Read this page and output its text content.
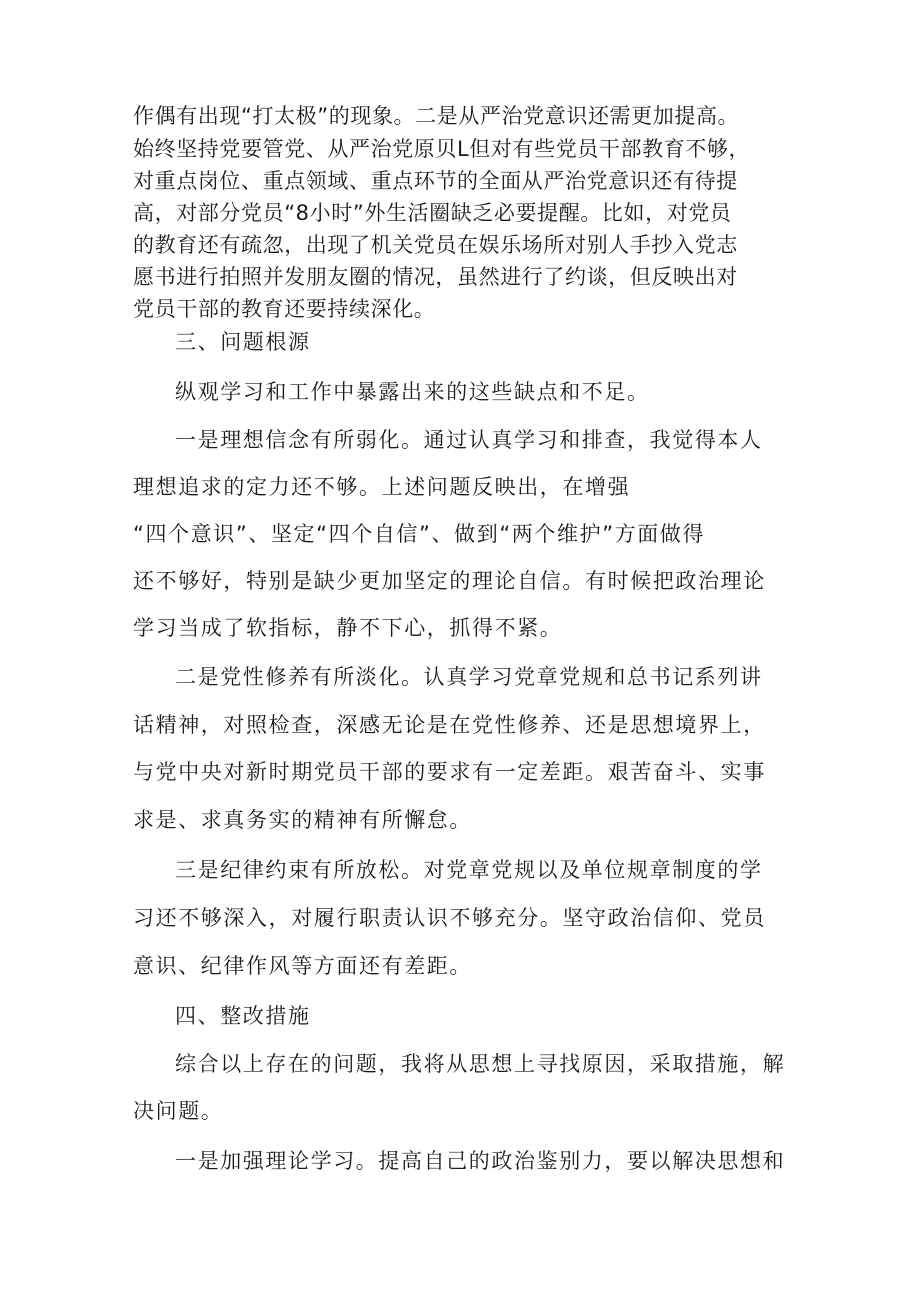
作偶有出现“打太极”的现象。二是从严治党意识还需更加提高。
始终坚持党要管党、从严治党原贝L但对有些党员干部教育不够，
对重点岗位、重点领域、重点环节的全面从严治党意识还有待提
高，对部分党员“8小时”外生活圈缺乏必要提醒。比如，对党员
的教育还有疏忽，出现了机关党员在娱乐场所对别人手抄入党志
愿书进行拍照并发朋友圈的情况，虽然进行了约谈，但反映出对
党员干部的教育还要持续深化。
三、问题根源
纵观学习和工作中暴露出来的这些缺点和不足。
一是理想信念有所弱化。通过认真学习和排查，我觉得本人
理想追求的定力还不够。上述问题反映出，在增强
“四个意识”、坚定“四个自信”、做到“两个维护”方面做得
还不够好，特别是缺少更加坚定的理论自信。有时候把政治理论
学习当成了软指标，静不下心，抓得不紧。
二是党性修养有所淡化。认真学习党章党规和总书记系列讲
话精神，对照检查，深感无论是在党性修养、还是思想境界上，
与党中央对新时期党员干部的要求有一定差距。艰苦奋斗、实事
求是、求真务实的精神有所懈怠。
三是纪律约束有所放松。对党章党规以及单位规章制度的学
习还不够深入，对履行职责认识不够充分。坚守政治信仰、党员
意识、纪律作风等方面还有差距。
四、整改措施
综合以上存在的问题，我将从思想上寻找原因，采取措施，解
决问题。
一是加强理论学习。提高自己的政治鉴别力，要以解决思想和
